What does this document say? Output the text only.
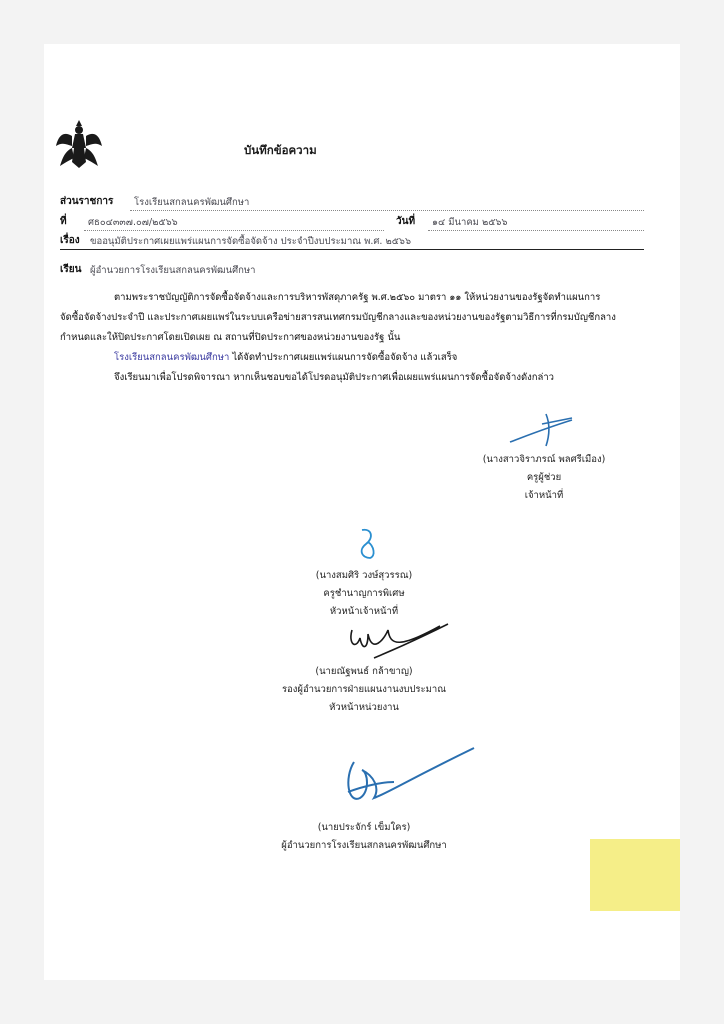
บันทึกข้อความ
ส่วนราชการ โรงเรียนสกลนครพัฒนศึกษา
ที่ ศธ๐๔๓๓๗.๐๗/๒๕๖๖	วันที่ ๑๔ มีนาคม ๒๕๖๖
เรื่อง ขออนุมัติประกาศเผยแพร่แผนการจัดซื้อจัดจ้าง ประจำปีงบประมาณ พ.ศ. ๒๕๖๖
เรียน ผู้อำนวยการโรงเรียนสกลนครพัฒนศึกษา
ตามพระราชบัญญัติการจัดซื้อจัดจ้างและการบริหารพัสดุภาครัฐ พ.ศ.๒๕๖๐ มาตรา ๑๑ ให้หน่วยงานของรัฐจัดทำแผนการ
จัดซื้อจัดจ้างประจำปี และประกาศเผยแพร่ในระบบเครือข่ายสารสนเทศกรมบัญชีกลางและของหน่วยงานของรัฐตามวิธีการที่กรมบัญชีกลาง
กำหนดและให้ปิดประกาศโดยเปิดเผย ณ สถานที่ปิดประกาศของหน่วยงานของรัฐ นั้น
โรงเรียนสกลนครพัฒนศึกษา ได้จัดทำประกาศเผยแพร่แผนการจัดซื้อจัดจ้าง แล้วเสร็จ
จึงเรียนมาเพื่อโปรดพิจารณา หากเห็นชอบขอได้โปรดอนุมัติประกาศเพื่อเผยแพร่แผนการจัดซื้อจัดจ้างดังกล่าว
(นางสาวจิราภรณ์ พลศรีเมือง)
ครูผู้ช่วย
เจ้าหน้าที่
(นางสมศิริ วงษ์สุวรรณ)
ครูชำนาญการพิเศษ
หัวหน้าเจ้าหน้าที่
(นายณัฐพนธ์ กล้าขาญ)
รองผู้อำนวยการฝ่ายแผนงานงบประมาณ
หัวหน้าหน่วยงาน
(นายประจักร์ เข็มใคร)
ผู้อำนวยการโรงเรียนสกลนครพัฒนศึกษา
